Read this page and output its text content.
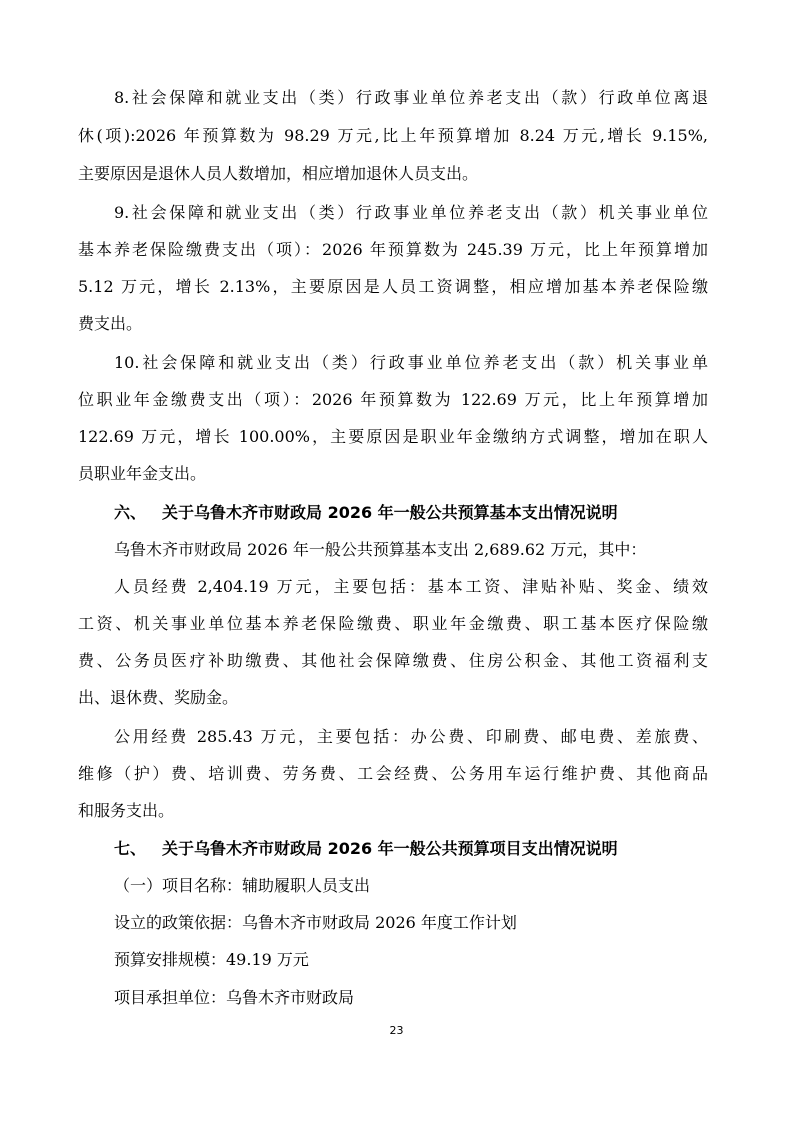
8.社会保障和就业支出（类）行政事业单位养老支出（款）行政单位离退
休(项):2026 年预算数为 98.29 万元,比上年预算增加 8.24 万元,增长 9.15%,
主要原因是退休人员人数增加，相应增加退休人员支出。
9.社会保障和就业支出（类）行政事业单位养老支出（款）机关事业单位
基本养老保险缴费支出（项）：2026 年预算数为 245.39 万元，比上年预算增加
5.12 万元，增长 2.13%，主要原因是人员工资调整，相应增加基本养老保险缴
费支出。
10.社会保障和就业支出（类）行政事业单位养老支出（款）机关事业单
位职业年金缴费支出（项）：2026 年预算数为 122.69 万元，比上年预算增加
122.69 万元，增长 100.00%，主要原因是职业年金缴纳方式调整，增加在职人
员职业年金支出。
六、 关于乌鲁木齐市财政局 2026 年一般公共预算基本支出情况说明
乌鲁木齐市财政局 2026 年一般公共预算基本支出 2,689.62 万元，其中：
人员经费 2,404.19 万元，主要包括：基本工资、津贴补贴、奖金、绩效
工资、机关事业单位基本养老保险缴费、职业年金缴费、职工基本医疗保险缴
费、公务员医疗补助缴费、其他社会保障缴费、住房公积金、其他工资福利支
出、退休费、奖励金。
公用经费 285.43 万元，主要包括：办公费、印刷费、邮电费、差旅费、
维修（护）费、培训费、劳务费、工会经费、公务用车运行维护费、其他商品
和服务支出。
七、 关于乌鲁木齐市财政局 2026 年一般公共预算项目支出情况说明
（一）项目名称：辅助履职人员支出
设立的政策依据：乌鲁木齐市财政局 2026 年度工作计划
预算安排规模：49.19 万元
项目承担单位：乌鲁木齐市财政局
23
